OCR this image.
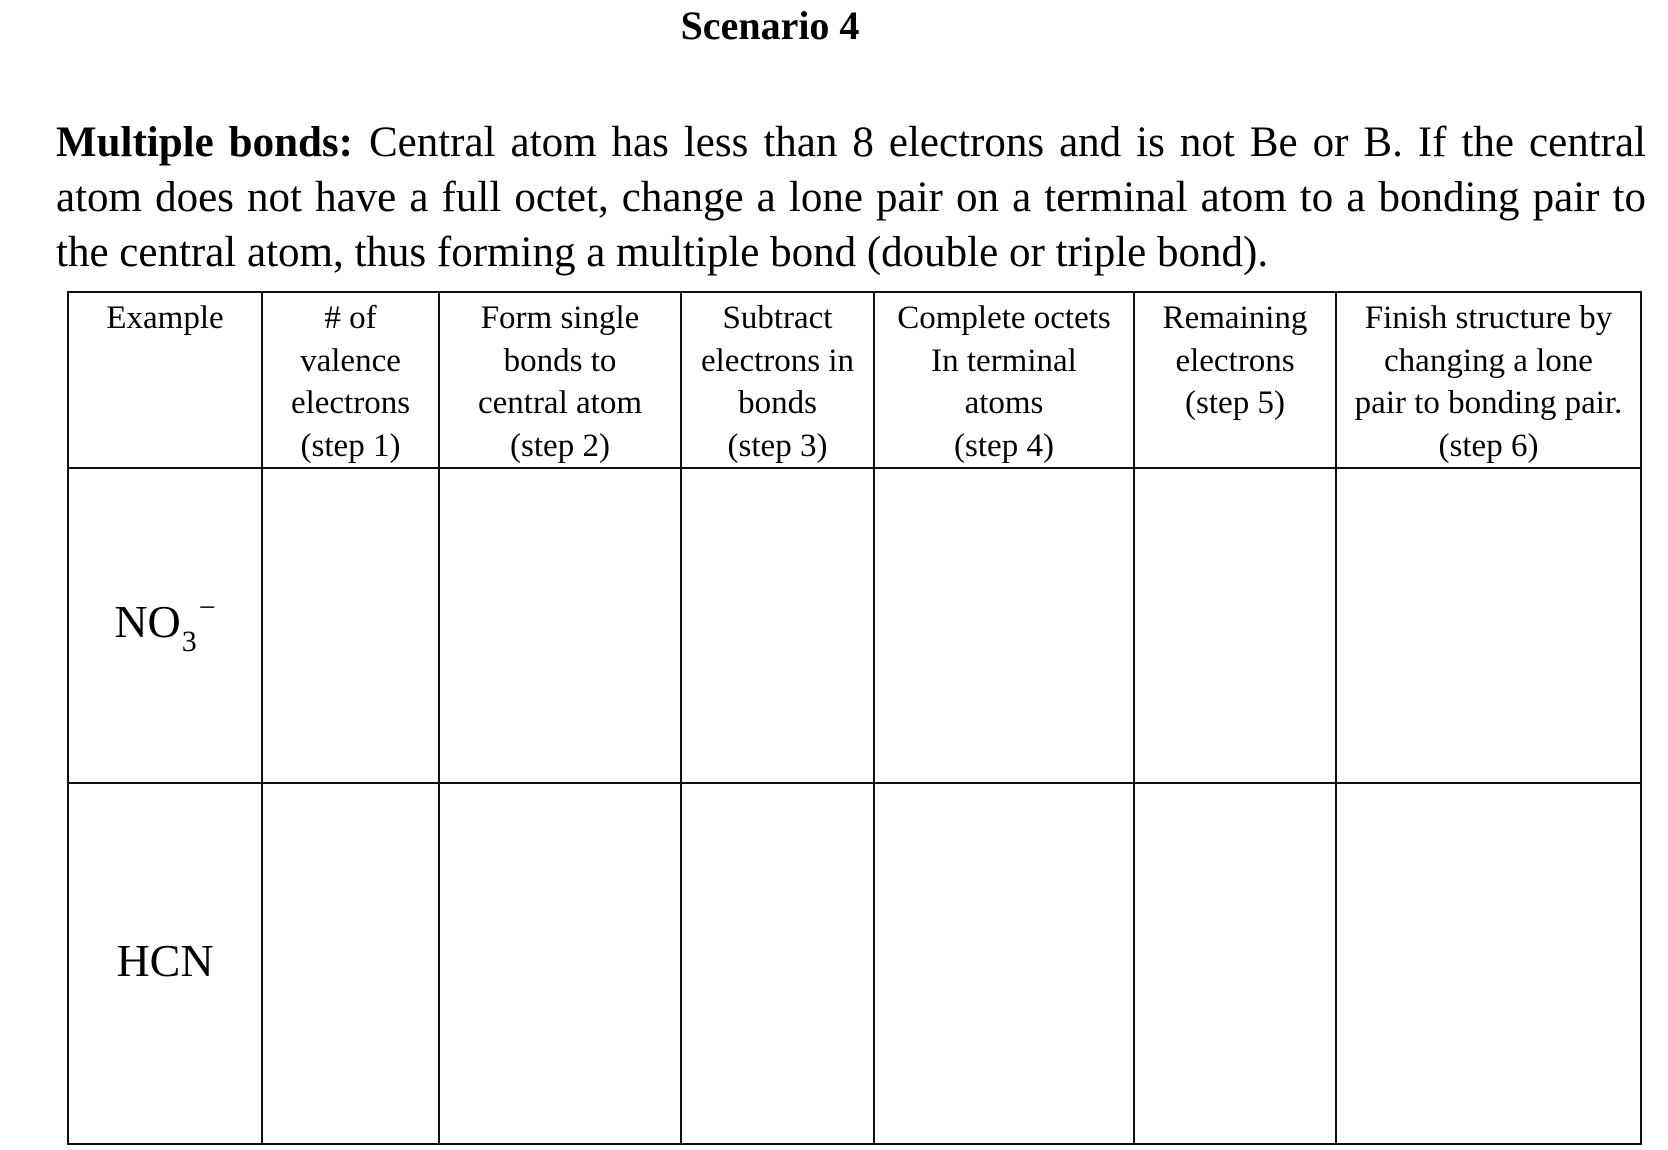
Scenario 4

Multiple bonds: Central atom has less than 8 electrons and is not Be or B. If the central atom does not have a full octet, change a lone pair on a terminal atom to a bonding pair to the central atom, thus forming a multiple bond (double or triple bond).

Example	# of
valence
electrons
(step 1)	Form single
bonds to
central atom
(step 2)	Subtract
electrons in
bonds
(step 3)	Complete octets
In terminal
atoms
(step 4)	Remaining
electrons
(step 5)	Finish structure by
changing a lone
pair to bonding pair.
(step 6)

$NO_3^-$						
HCN						
